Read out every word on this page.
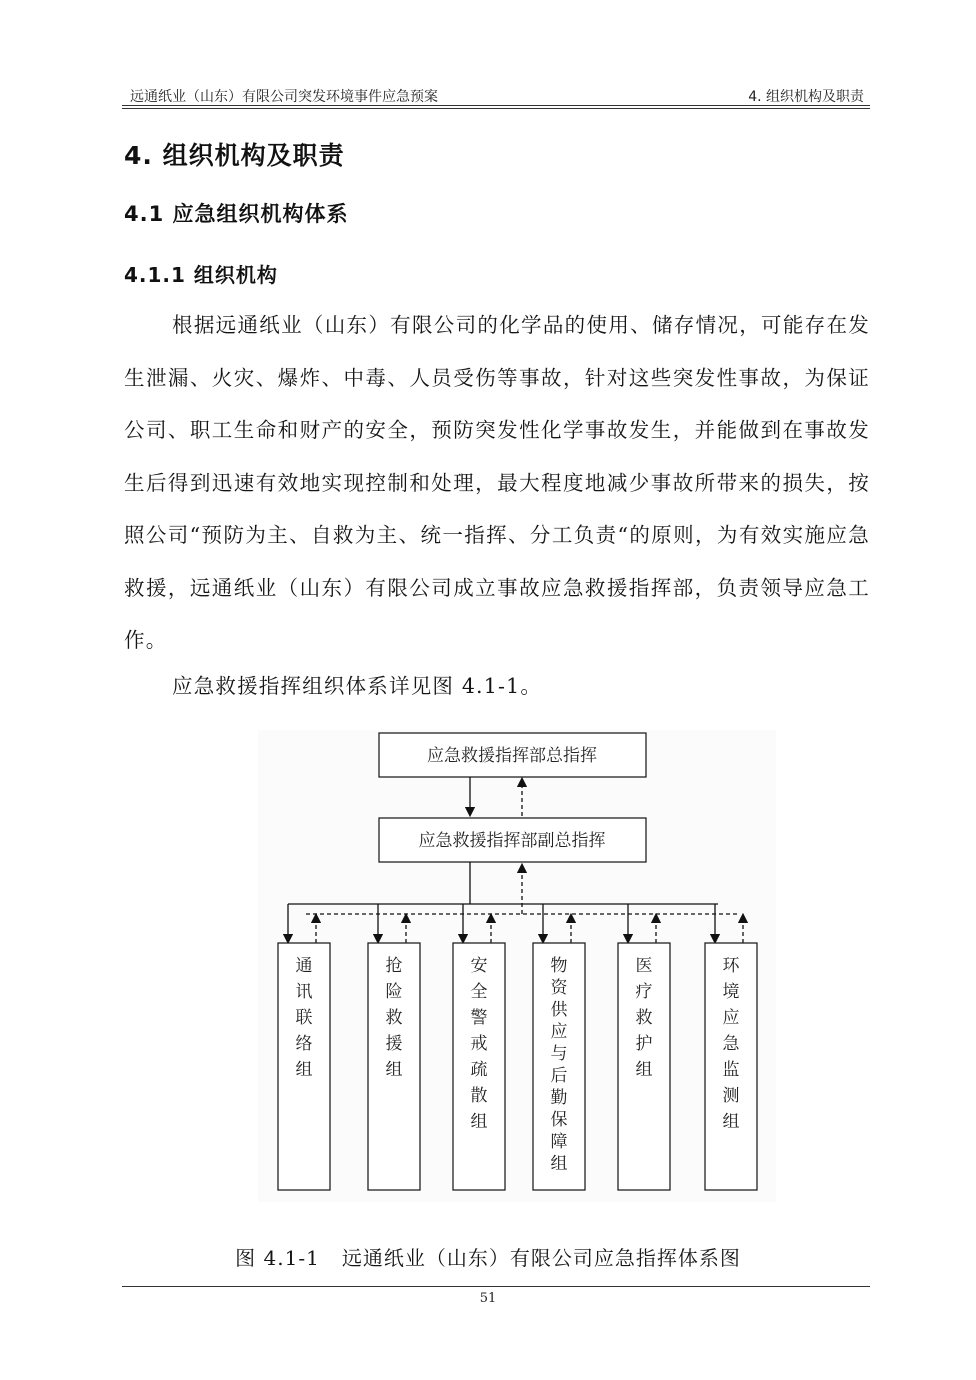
远通纸业（山东）有限公司突发环境事件应急预案	4. 组织机构及职责
4. 组织机构及职责
4.1 应急组织机构体系
4.1.1 组织机构
根据远通纸业（山东）有限公司的化学品的使用、储存情况，可能存在发生泄漏、火灾、爆炸、中毒、人员受伤等事故，针对这些突发性事故，为保证公司、职工生命和财产的安全，预防突发性化学事故发生，并能做到在事故发生后得到迅速有效地实现控制和处理，最大程度地减少事故所带来的损失，按照公司“预防为主、自救为主、统一指挥、分工负责“的原则，为有效实施应急救援，远通纸业（山东）有限公司成立事故应急救援指挥部，负责领导应急工作。
应急救援指挥组织体系详见图 4.1-1。
应急救援指挥部总指挥
应急救援指挥部副总指挥
通讯联络组
抢险救援组
安全警戒疏散组
物资供应与后勤保障组
医疗救护组
环境应急监测组
图 4.1-1 远通纸业（山东）有限公司应急指挥体系图
51
